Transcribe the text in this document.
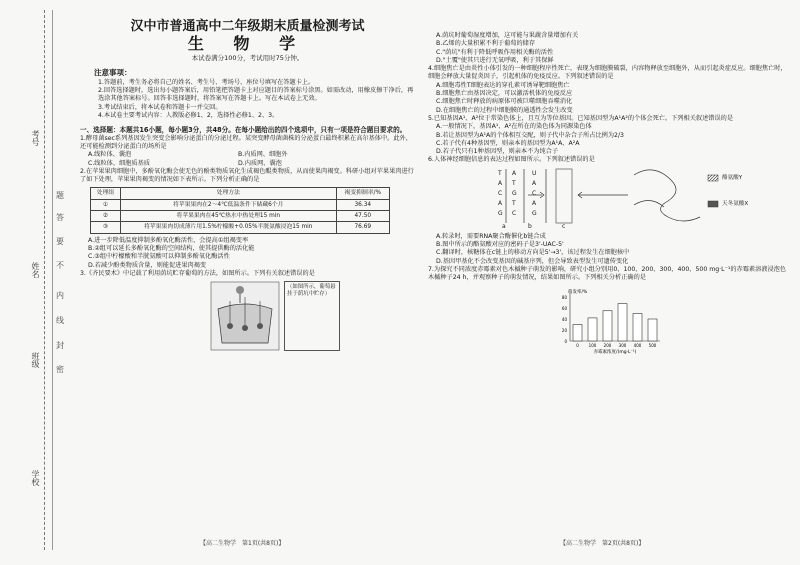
考号
姓名
班级
学校
题
答
要
不
内
线
封
密
汉中市普通高中二年级期末质量检测考试
生 物 学
本试卷满分100分，考试用时75分钟。
注意事项：

1.答题前，考生务必将自己的姓名、考生号、考场号、座位号填写在答题卡上。

2.回答选择题时，选出每小题答案后，用铅笔把答题卡上对应题目的答案标号涂黑。如需改动，用橡皮擦干净后，再选涂其他答案标号。回答非选择题时，将答案写在答题卡上。写在本试卷上无效。

3.考试结束后，将本试卷和答题卡一并交回。

4.本试卷主要考试内容：人教版必修1、2，选择性必修1、2、3。

一、选择题：本题共16小题，每小题3分，共48分。在每小题给出的四个选项中，只有一项是符合题目要求的。

1.酵母菌sec系列基因发生突变会影响分泌蛋白的分泌过程。某突变酵母菌菌株的分泌蛋白最终积累在高尔基体中。此外，还可能检测到分泌蛋白的场所是

A.线粒体、囊泡	B.内质网、细胞外
C.线粒体、细胞质基质	D.内质网、囊泡

2.在苹果果肉细胞中，多酚氧化酶会使无色的酚类物质氧化生成褐色醌类物质，从而使果肉褐变。科研小组对苹果果肉进行了如下处理，苹果果肉褐变的情况如下表所示。下列分析正确的是

处理组	处理方法	褐变抑制率/%
①	将苹果果肉在2～4℃低温条件下储藏6个月	36.34
②	将苹果果肉在45℃热水中热处理15 min	47.50
③	将苹果果肉切成薄片用1.5%柠檬酸+0.05%半胱氨酸浸泡15 min	76.69

A.进一步降低温度抑制多酚氧化酶活性，会提高①组褐变率

B.②组可以延长多酚氧化酶的空间结构，使其提供酶的活化能

C.③组中柠檬酸和半胱氨酸可以抑制多酚氧化酶活性

D.若减少酚类物质含量，则能促进果肉褐变

3.《齐民要术》中记载了利用荫坑贮存葡萄的方法，如图所示。下列有关叙述错误的是

（如图所示，葡萄悬挂于荫坑中贮存）

A.荫坑时葡萄湿度增加，这可能与果蔬含量增加有关

B.乙烯的大量积累不利于葡萄的储存

C."荫坑"有利于降低呼吸作用相关酶的活性

D."土覆"使其只进行无氧呼吸，利于其保鲜

4.细胞焦亡是由炎性小体引发的一种细胞程序性死亡，表现为细胞膜破裂，内容物释放至细胞外，从而引起炎症反应。细胞焦亡时，细胞会释放大量促炎因子，引起机体的免疫反应。下列叙述错误的是

A.细胞毒性T细胞表达的穿孔素可诱导靶细胞焦亡

B.细胞焦亡由基因决定，可以激活机体的免疫反应

C.细胞焦亡时释放的病原体可被巨噬细胞吞噬消化

D.在细胞焦亡的过程中细胞膜的通透性会发生改变

5.已知基因A¹、A²位于常染色体上，且互为等位基因。已知基因型为A¹A²的个体会死亡。下列相关叙述错误的是

A.一般情况下，基因A¹、A²在所在的染色体为同源染色体

B.若让基因型为A¹A的个体相互交配，则子代中杂合子所占比例为2/3

C.若子代有4种基因型，则亲本的基因型为A¹A、A²A

D.若子代只有1种基因型，则亲本不为纯合子

6.人体神经细胞信息的表达过程如图所示。下列叙述错误的是

T A	U
A T	A
C G	C
A T	A
G C	G
a	b	c
酪氨酸Y
天冬氨酸X

A.转录时，需要RNA聚合酶催化b链合成

B.图中所示的酪氨酸对应的密码子是3'-UAC-5'

C.翻译时，核糖体在c链上的移动方向是5'→3'，该过程发生在细胞核中

D.基因甲基化不会改变基因的碱基序列，但会导致表型发生可遗传变化

7.为探究不同浓度赤霉素对色木槭种子萌发的影响，研究小组分别用0、100、200、300、400、500 mg·L⁻¹的赤霉素溶液浸泡色木槭种子24 h，并观察种子的萌发情况，结果如图所示。下列相关分析正确的是

0
20
40
60
80
0 100 200 300 400 500
萌发率/%
赤霉素浓度/(mg·L⁻¹)
【高二生物学　第1页(共8页)】	【高二生物学　第2页(共8页)】
